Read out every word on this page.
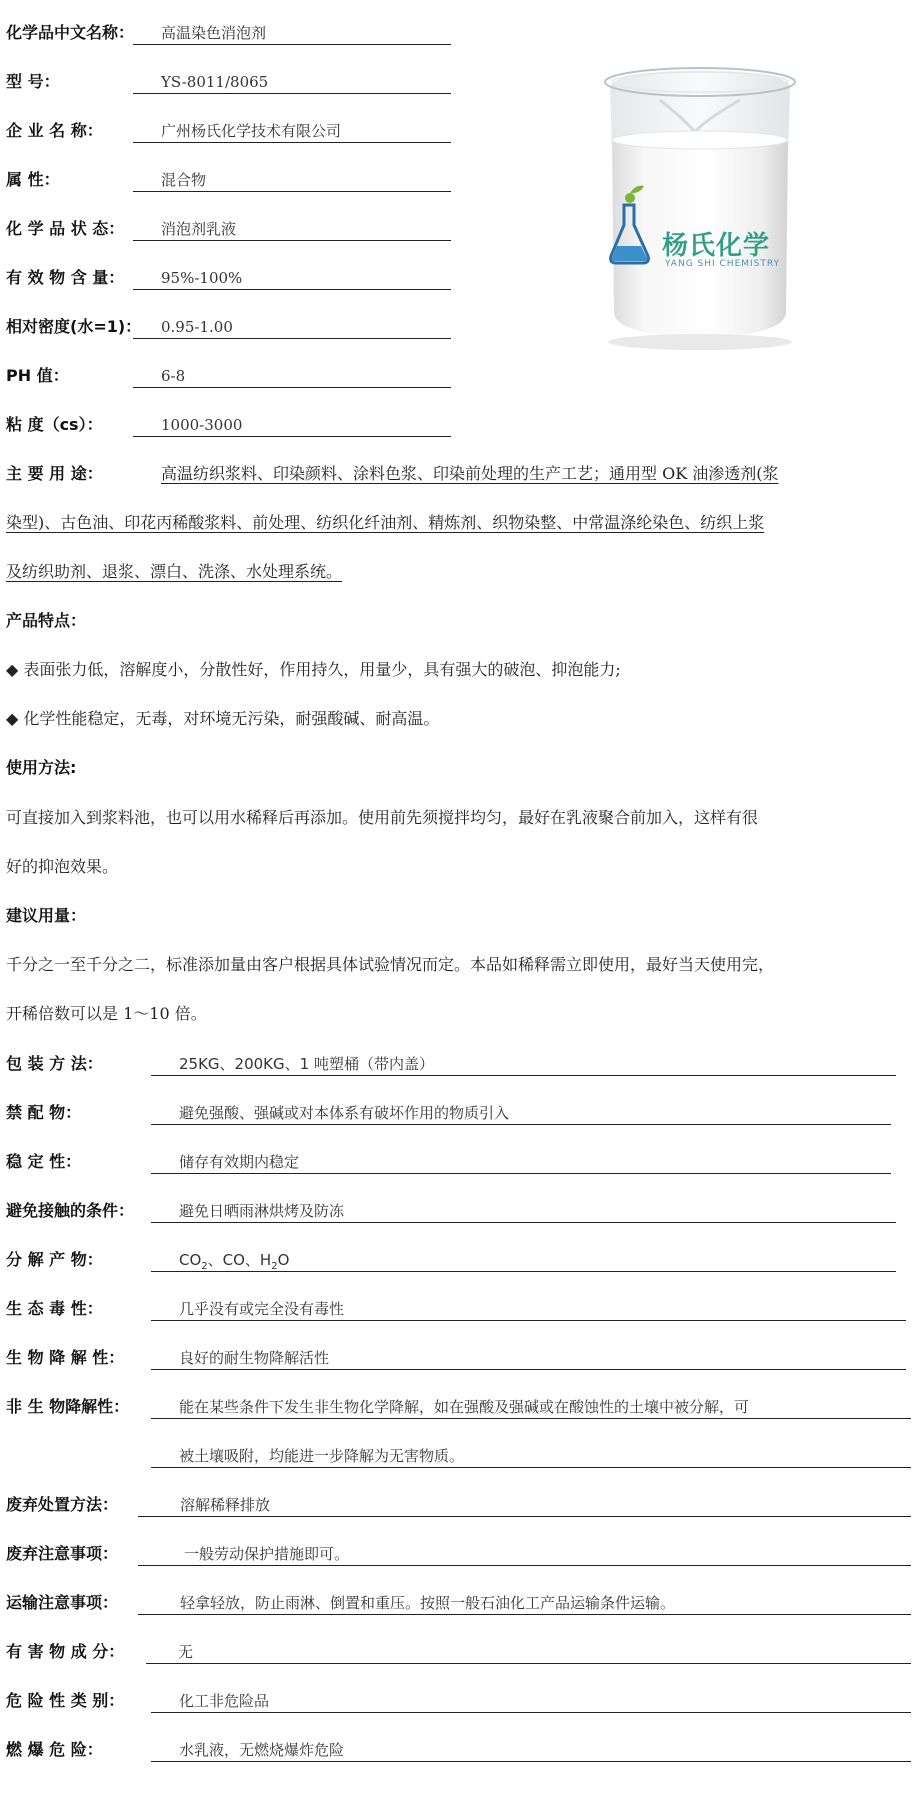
化学品中文名称：	高温染色消泡剂
型 号：	YS-8011/8065
企 业 名 称：	广州杨氏化学技术有限公司
属 性：	混合物
化 学 品 状 态：	消泡剂乳液
有 效 物 含 量：	95%-100%
相对密度(水=1)：	0.95-1.00
PH 值：	6-8
粘 度（cs）：	1000-3000
杨氏化学
YANG SHI CHEMISTRY
主 要 用 途：	高温纺织浆料、印染颜料、涂料色浆、印染前处理的生产工艺；通用型 OK 油渗透剂(浆
染型)、古色油、印花丙稀酸浆料、前处理、纺织化纤油剂、精炼剂、织物染整、中常温涤纶染色、纺织上浆
及纺织助剂、退浆、漂白、洗涤、水处理系统。
产品特点：
◆ 表面张力低，溶解度小，分散性好，作用持久，用量少，具有强大的破泡、抑泡能力;
◆ 化学性能稳定，无毒，对环境无污染，耐强酸碱、耐高温。
使用方法:
可直接加入到浆料池，也可以用水稀释后再添加。使用前先须搅拌均匀，最好在乳液聚合前加入，这样有很
好的抑泡效果。
建议用量：
千分之一至千分之二，标准添加量由客户根据具体试验情况而定。本品如稀释需立即使用，最好当天使用完，
开稀倍数可以是 1～10 倍。
包 装 方 法：	25KG、200KG、1 吨塑桶（带内盖）
禁 配 物：	避免强酸、强碱或对本体系有破坏作用的物质引入
稳 定 性：	储存有效期内稳定
避免接触的条件：	避免日晒雨淋烘烤及防冻
分 解 产 物：	$CO_2$、CO、$H_2O$
生 态 毒 性：	几乎没有或完全没有毒性
生 物 降 解 性：	良好的耐生物降解活性
非 生 物降解性：	能在某些条件下发生非生物化学降解，如在强酸及强碱或在酸蚀性的土壤中被分解，可
被土壤吸附，均能进一步降解为无害物质。
废弃处置方法：	溶解稀释排放
废弃注意事项：	一般劳动保护措施即可。
运输注意事项：	轻拿轻放，防止雨淋、倒置和重压。按照一般石油化工产品运输条件运输。
有 害 物 成 分：	无
危 险 性 类 别：	化工非危险品
燃 爆 危 险：	水乳液，无燃烧爆炸危险
